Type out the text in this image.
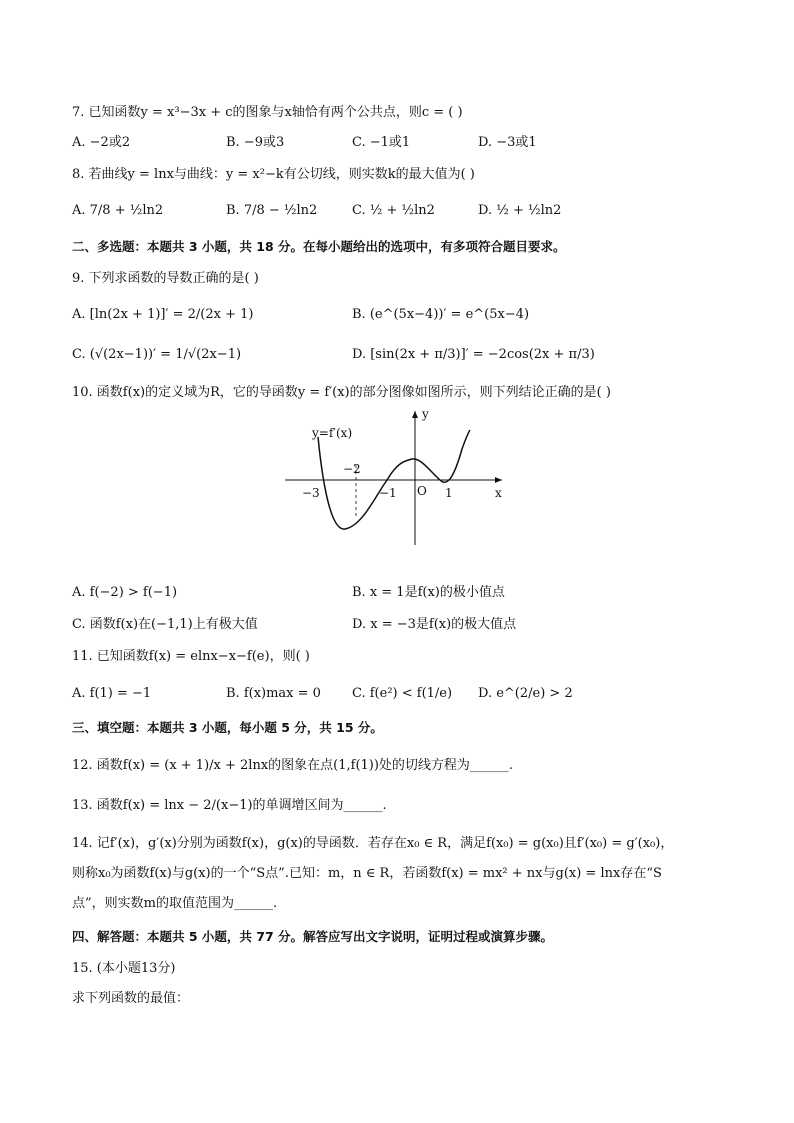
7. 已知函数y = x³−3x + c的图象与x轴恰有两个公共点，则c = ( )
A. −2或2	B. −9或3	C. −1或1	D. −3或1
8. 若曲线y = lnx与曲线：y = x²−k有公切线，则实数k的最大值为( )
A. 7/8 + ½ln2	B. 7/8 − ½ln2	C. ½ + ½ln2	D. ½ + ½ln2
二、多选题：本题共 3 小题，共 18 分。在每小题给出的选项中，有多项符合题目要求。
9. 下列求函数的导数正确的是( )
A. [ln(2x + 1)]′ = 2/(2x + 1)	B. (e^(5x−4))′ = e^(5x−4)
C. (√(2x−1))′ = 1/√(2x−1)	D. [sin(2x + π/3)]′ = −2cos(2x + π/3)
10. 函数f(x)的定义域为R，它的导函数y = f′(x)的部分图像如图所示，则下列结论正确的是( )
y=f′(x)
y
x
O
−3
−2
−1	1
A. f(−2) > f(−1)	B. x = 1是f(x)的极小值点
C. 函数f(x)在(−1,1)上有极大值	D. x = −3是f(x)的极大值点
11. 已知函数f(x) = elnx−x−f(e)，则( )
A. f(1) = −1	B. f(x)max = 0 C. f(e²) < f(1/e) D. e^(2/e) > 2
三、填空题：本题共 3 小题，每小题 5 分，共 15 分。
12. 函数f(x) = (x + 1)/x + 2lnx的图象在点(1,f(1))处的切线方程为______.
13. 函数f(x) = lnx − 2/(x−1)的单调增区间为______.
14. 记f′(x)，g′(x)分别为函数f(x)，g(x)的导函数．若存在x₀ ∈ R，满足f(x₀) = g(x₀)且f′(x₀) = g′(x₀)，
则称x₀为函数f(x)与g(x)的一个“S点”.已知：m，n ∈ R，若函数f(x) = mx² + nx与g(x) = lnx存在“S
点”，则实数m的取值范围为______.
四、解答题：本题共 5 小题，共 77 分。解答应写出文字说明，证明过程或演算步骤。
15. (本小题13分)
求下列函数的最值：
